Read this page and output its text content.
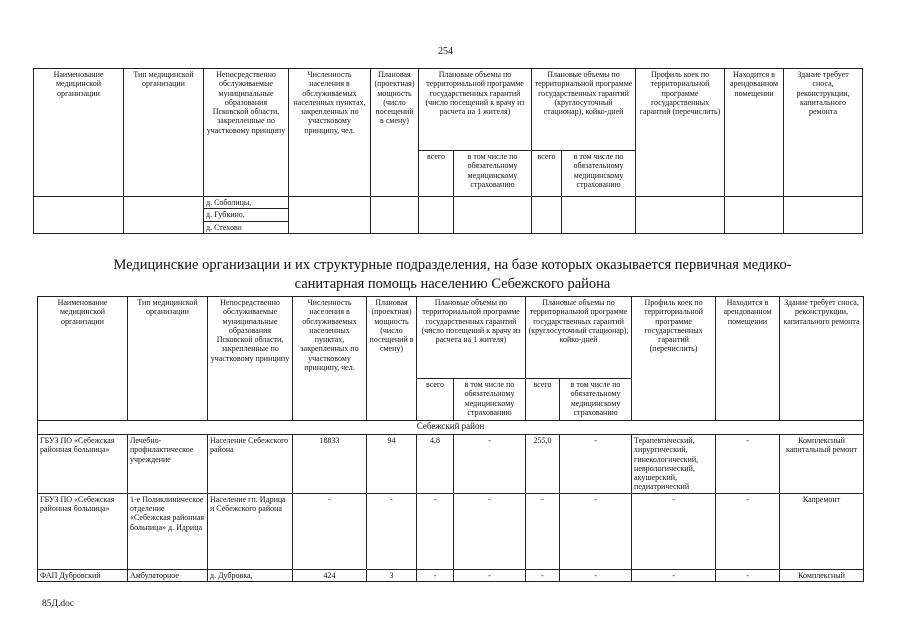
254
Наименование медицинской организации	Тип медицинской организации	Непосредственно обслуживаемые муниципальные образования Псковской области, закрепленные по участковому принципу	Численность населения в обслуживаемых населенных пунктах, закрепленных по участковому принципу, чел.	Плановая (проектная) мощность (число посещений в смену)	Плановые объемы по территориальной программе государственных гарантий (число посещений к врачу из расчета на 1 жителя)		Плановые объемы по территориальной программе государственных гарантий (круглосуточный стационар), койко-дней		Профиль коек по территориальной программе государственных гарантий (перечислить)	Находится в арендованном помещении	Здание требует сноса, реконструкции, капитального ремонта
					всего	в том числе по обязательному медицинскому страхованию	всего	в том числе по обязательному медицинскому страхованию			
		д. Соболицы,									
		д. Губкино,									
		д. Стехово									
Медицинские организации и их структурные подразделения, на базе которых оказывается первичная медико-
санитарная помощь населению Себежского района
Наименование медицинской организации	Тип медицинской организации	Непосредственно обслуживаемые муниципальные образования Псковской области, закрепленные по участковому принципу	Численность населения в обслуживаемых населенных пунктах, закрепленных по участковому принципу, чел.	Плановая (проектная) мощность (число посещений в смену)	Плановые объемы по территориальной программе государственных гарантий (число посещений к врачу из расчета на 1 жителя)		Плановые объемы по территориальной программе государственных гарантий (круглосуточный стационар), койко-дней		Профиль коек по территориальной программе государственных гарантий (перечислить)	Находится в арендованном помещении	Здание требует сноса, реконструкции, капитального ремонта
					всего	в том числе по обязательному медицинскому страхованию	всего	в том числе по обязательному медицинскому страхованию			
Себежский район											
ГБУЗ ПО «Себежская районная больница»	Лечебно-профилактическое учреждение	Население Себежского района	18833	94	4,8	-	255,0	-	Терапевтический, хирургический, гинекологический, неврологический, акушерский, педиатрический	-	Комплексный капитальный ремонт
ГБУЗ ПО «Себежская районная больница»	1-е Поликлиническое отделение «Себежская районная больница» д. Идрица	Население гп. Идрица и Себежского района	-	-	-	-	-	-	-	-	Капремонт
ФАП Дубровский	Амбулаторное	д. Дубровка,	424	3	-	-	-	-	-	-	Комплексный
85Д.doc
